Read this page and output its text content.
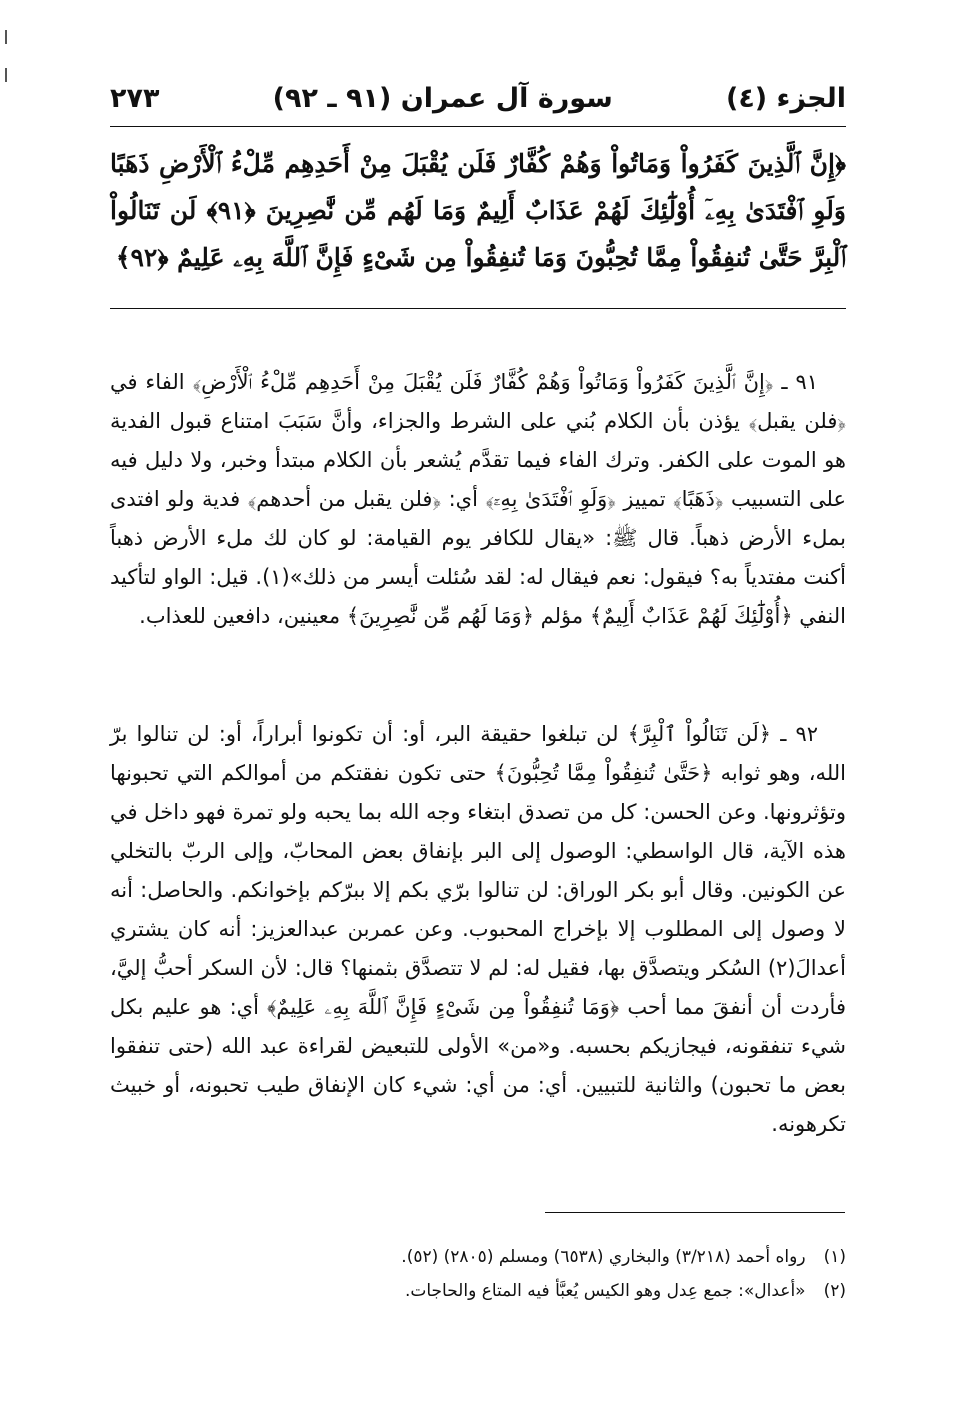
الجزء (٤)
سورة آل عمران (٩١ ـ ٩٢)
٢٧٣
﴿إِنَّ ٱلَّذِينَ كَفَرُواْ وَمَاتُواْ وَهُمْ كُفَّارٌ فَلَن يُقْبَلَ مِنْ أَحَدِهِم مِّلْءُ ٱلْأَرْضِ ذَهَبًا وَلَوِ ٱفْتَدَىٰ بِهِۦٓ أُوْلَٰٓئِكَ لَهُمْ عَذَابٌ أَلِيمٌ وَمَا لَهُم مِّن نَّٰصِرِينَ ﴿٩١﴾ لَن تَنَالُواْ ٱلْبِرَّ حَتَّىٰ تُنفِقُواْ مِمَّا تُحِبُّونَ وَمَا تُنفِقُواْ مِن شَىْءٍ فَإِنَّ ٱللَّهَ بِهِۦ عَلِيمٌ ﴿٩٢﴾

٩١ ـ ﴿إِنَّ ٱلَّذِينَ كَفَرُواْ وَمَاتُواْ وَهُمْ كُفَّارٌ فَلَن يُقْبَلَ مِنْ أَحَدِهِم مِّلْءُ ٱلْأَرْضِ﴾ الفاء في ﴿فلن يقبل﴾ يؤذن بأن الكلام بُني على الشرط والجزاء، وأنَّ سَبَبَ امتناع قبول الفدية هو الموت على الكفر. وترك الفاء فيما تقدَّم يُشعر بأن الكلام مبتدأ وخبر، ولا دليل فيه على التسبيب ﴿ذَهَبًا﴾ تمييز ﴿وَلَوِ ٱفْتَدَىٰ بِهِۦٓ﴾ أي: ﴿فلن يقبل من أحدهم﴾ فدية ولو افتدى بملء الأرض ذهباً. قال ﷺ: «يقال للكافر يوم القيامة: لو كان لك ملء الأرض ذهباً أكنت مفتدياً به؟ فيقول: نعم فيقال له: لقد سُئلت أيسر من ذلك»(١). قيل: الواو لتأكيد النفي ﴿أُوْلَٰٓئِكَ لَهُمْ عَذَابٌ أَلِيمٌ﴾ مؤلم ﴿وَمَا لَهُم مِّن نَّٰصِرِينَ﴾ معينين، دافعين للعذاب.

٩٢ ـ ﴿لَن تَنَالُواْ ٱلْبِرَّ﴾ لن تبلغوا حقيقة البر، أو: أن تكونوا أبراراً، أو: لن تنالوا برّ الله، وهو ثوابه ﴿حَتَّىٰ تُنفِقُواْ مِمَّا تُحِبُّونَ﴾ حتى تكون نفقتكم من أموالكم التي تحبونها وتؤثرونها. وعن الحسن: كل من تصدق ابتغاء وجه الله بما يحبه ولو تمرة فهو داخل في هذه الآية، قال الواسطي: الوصول إلى البر بإنفاق بعض المحابّ، وإلى الربّ بالتخلي عن الكونين. وقال أبو بكر الوراق: لن تنالوا برّي بكم إلا ببرّكم بإخوانكم. والحاصل: أنه لا وصول إلى المطلوب إلا بإخراج المحبوب. وعن عمربن عبدالعزيز: أنه كان يشتري أعدالَ(٢) السُكر ويتصدَّق بها، فقيل له: لم لا تتصدَّق بثمنها؟ قال: لأن السكر أحبُّ إليَّ، فأردت أن أنفقَ مما أحب ﴿وَمَا تُنفِقُواْ مِن شَىْءٍ فَإِنَّ ٱللَّهَ بِهِۦ عَلِيمٌ﴾ أي: هو عليم بكل شيء تنفقونه، فيجازيكم بحسبه. و«من» الأولى للتبعيض لقراءة عبد الله (حتى تنفقوا بعض ما تحبون) والثانية للتبيين. أي: من أي: شيء كان الإنفاق طيب تحبونه، أو خبيث تكرهونه.

(١)
رواه أحمد (٣/٢١٨) والبخاري (٦٥٣٨) ومسلم (٢٨٠٥) (٥٢).
(٢)
«أعدال»: جمع عِدل وهو الكيس يُعبَّأ فيه المتاع والحاجات.
